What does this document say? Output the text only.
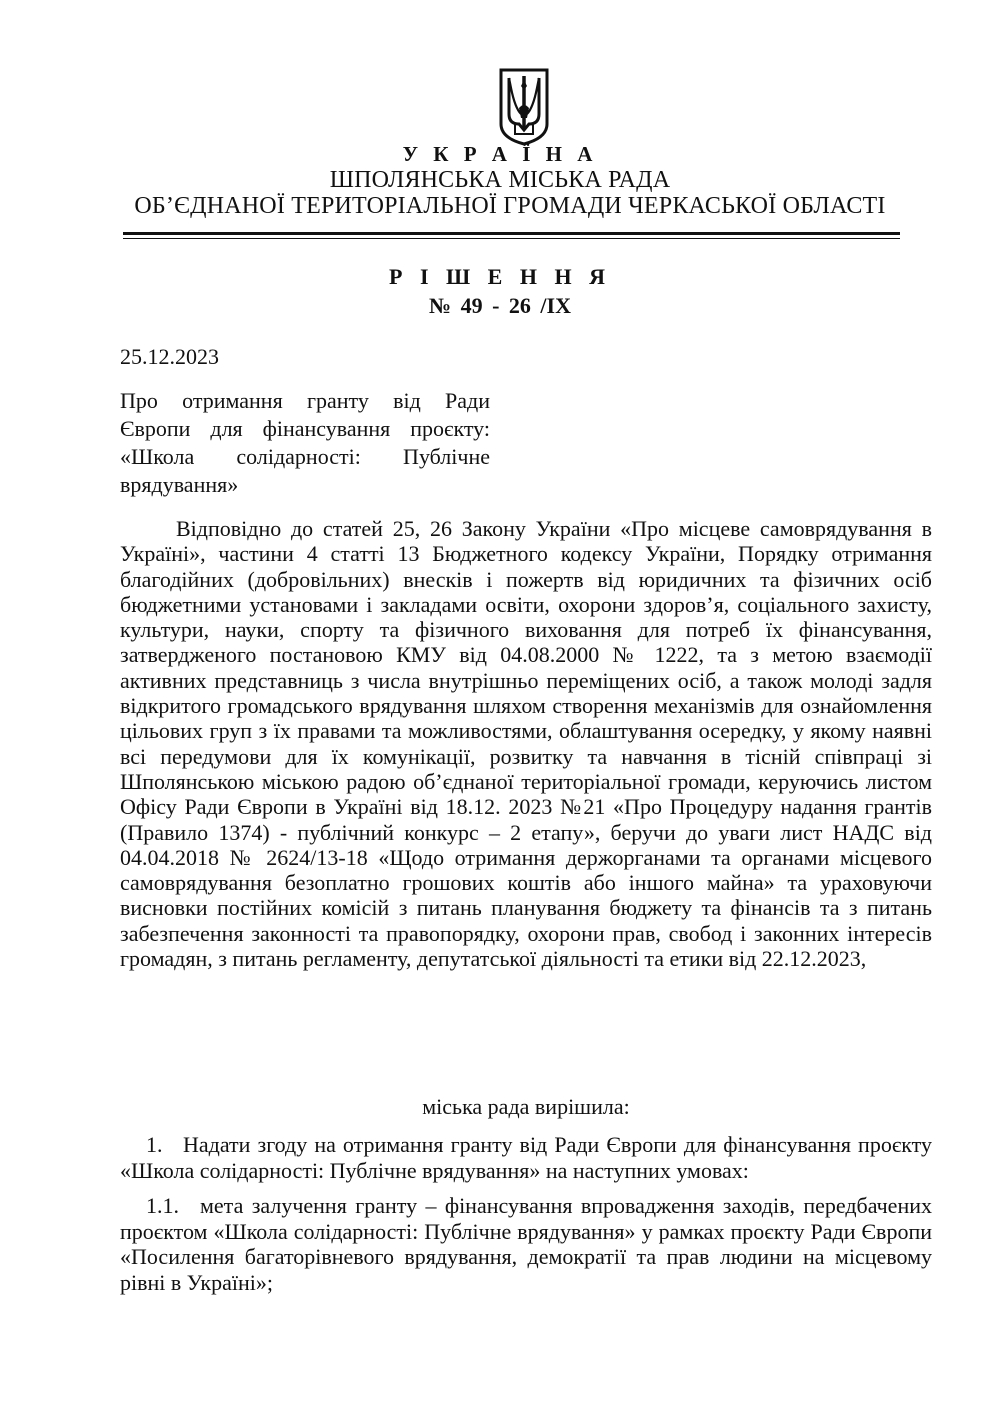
У К Р А Ї Н А
ШПОЛЯНСЬКА МІСЬКА РАДА
ОБ’ЄДНАНОЇ ТЕРИТОРІАЛЬНОЇ ГРОМАДИ ЧЕРКАСЬКОЇ ОБЛАСТІ
Р І Ш Е Н Н Я
№ 49 - 26 /ІХ
25.12.2023
Про отримання гранту від Ради Європи для фінансування проєкту: «Школа солідарності: Публічне врядування»
Відповідно до статей 25, 26 Закону України «Про місцеве самоврядування в Україні», частини 4 статті 13 Бюджетного кодексу України, Порядку отримання благодійних (добровільних) внесків і пожертв від юридичних та фізичних осіб бюджетними установами і закладами освіти, охорони здоров’я, соціального захисту, культури, науки, спорту та фізичного виховання для потреб їх фінансування, затвердженого постановою КМУ від 04.08.2000 № 1222, та з метою взаємодії активних представниць з числа внутрішньо переміщених осіб, а також молоді задля відкритого громадського врядування шляхом створення механізмів для ознайомлення цільових груп з їх правами та можливостями, облаштування осередку, у якому наявні всі передумови для їх комунікації, розвитку та навчання в тісній співпраці зі Шполянською міською радою об’єднаної територіальної громади, керуючись листом Офісу Ради Європи в Україні від 18.12. 2023 №21 «Про Процедуру надання грантів (Правило 1374) - публічний конкурс – 2 етапу», беручи до уваги лист НАДС від 04.04.2018 № 2624/13-18 «Щодо отримання держорганами та органами місцевого самоврядування безоплатно грошових коштів або іншого майна» та ураховуючи висновки постійних комісій з питань планування бюджету та фінансів та з питань забезпечення законності та правопорядку, охорони прав, свобод і законних інтересів громадян, з питань регламенту, депутатської діяльності та етики від 22.12.2023,
міська рада вирішила:
1. Надати згоду на отримання гранту від Ради Європи для фінансування проєкту «Школа солідарності: Публічне врядування» на наступних умовах:
1.1. мета залучення гранту – фінансування впровадження заходів, передбачених проєктом «Школа солідарності: Публічне врядування» у рамках проєкту Ради Європи «Посилення багаторівневого врядування, демократії та прав людини на місцевому рівні в Україні»;
